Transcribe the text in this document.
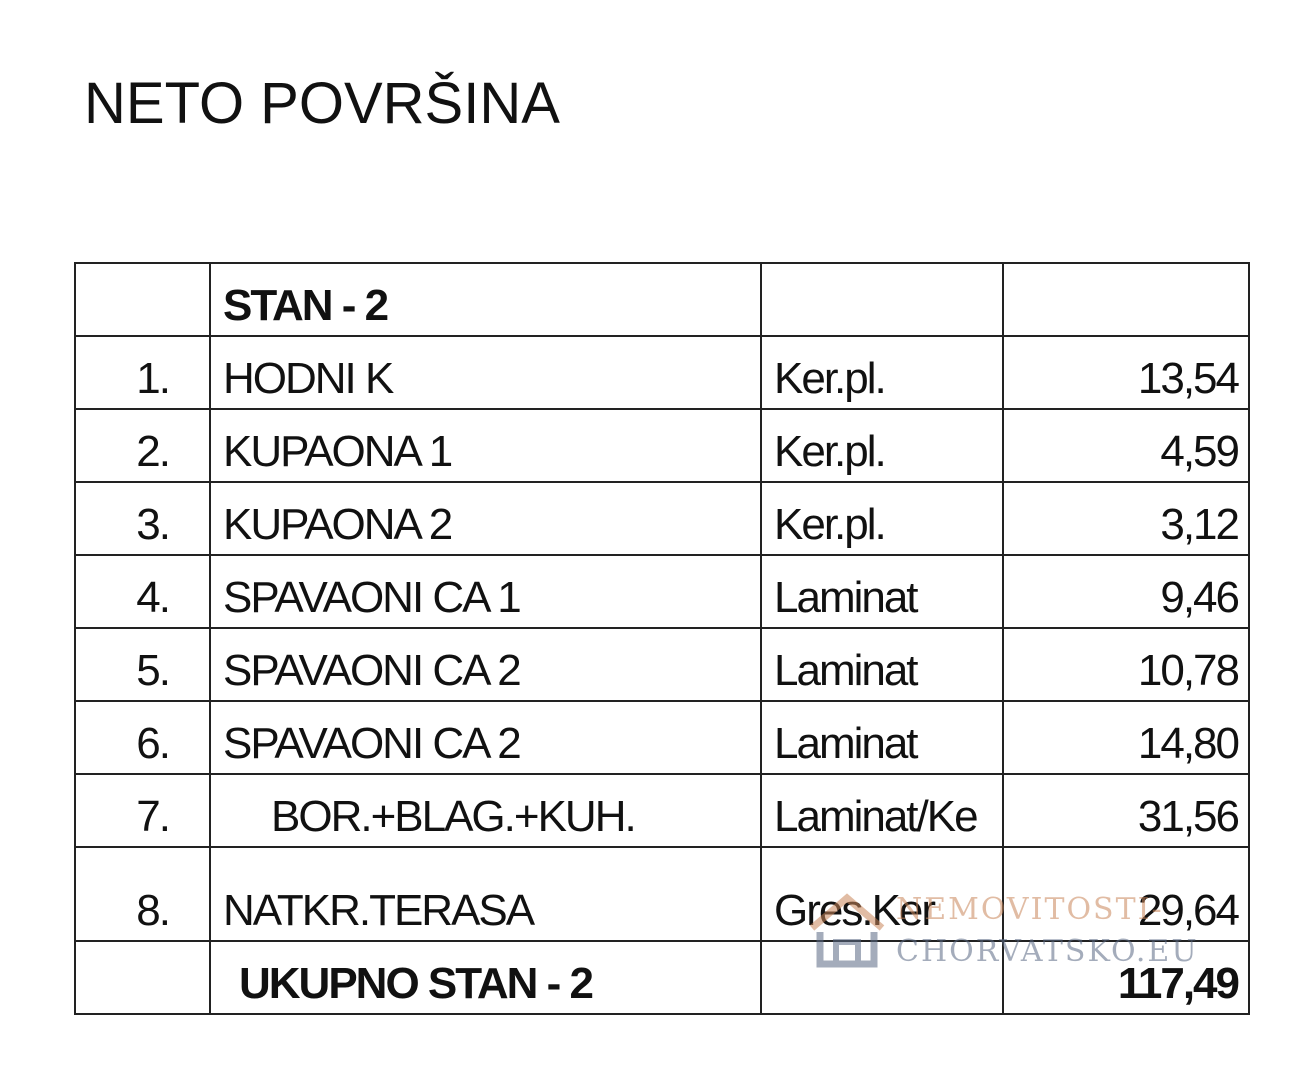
NETO POVRŠINA
	STAN - 2		
1.	HODNI K	Ker.pl.	13,54
2.	KUPAONA 1	Ker.pl.	4,59
3.	KUPAONA 2	Ker.pl.	3,12
4.	SPAVAONI CA 1	Laminat	9,46
5.	SPAVAONI CA 2	Laminat	10,78
6.	SPAVAONI CA 2	Laminat	14,80
7.	BOR.+BLAG.+KUH.	Laminat/Ke	31,56
8.	NATKR.TERASA	Gres.Ker	29,64
	UKUPNO STAN - 2		117,49
NEMOVITOSTI-
CHORVATSKO.EU
